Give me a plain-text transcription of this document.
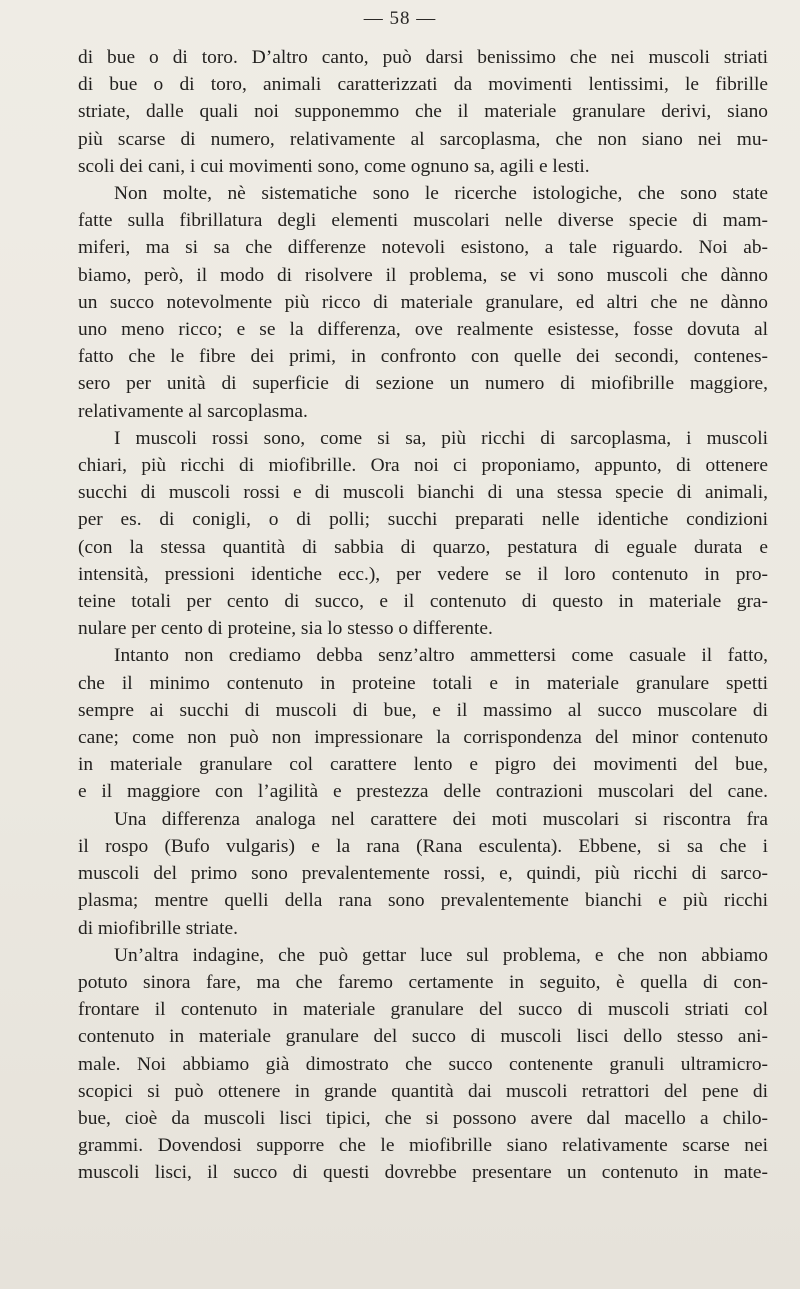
— 58 —
di bue o di toro. D’altro canto, può darsi benissimo che nei muscoli striati
di bue o di toro, animali caratterizzati da movimenti lentissimi, le fibrille
striate, dalle quali noi supponemmo che il materiale granulare derivi, siano
più scarse di numero, relativamente al sarcoplasma, che non siano nei mu-
scoli dei cani, i cui movimenti sono, come ognuno sa, agili e lesti.
Non molte, nè sistematiche sono le ricerche istologiche, che sono state
fatte sulla fibrillatura degli elementi muscolari nelle diverse specie di mam-
miferi, ma si sa che differenze notevoli esistono, a tale riguardo. Noi ab-
biamo, però, il modo di risolvere il problema, se vi sono muscoli che dànno
un succo notevolmente più ricco di materiale granulare, ed altri che ne dànno
uno meno ricco; e se la differenza, ove realmente esistesse, fosse dovuta al
fatto che le fibre dei primi, in confronto con quelle dei secondi, contenes-
sero per unità di superficie di sezione un numero di miofibrille maggiore,
relativamente al sarcoplasma.
I muscoli rossi sono, come si sa, più ricchi di sarcoplasma, i muscoli
chiari, più ricchi di miofibrille. Ora noi ci proponiamo, appunto, di ottenere
succhi di muscoli rossi e di muscoli bianchi di una stessa specie di animali,
per es. di conigli, o di polli; succhi preparati nelle identiche condizioni
(con la stessa quantità di sabbia di quarzo, pestatura di eguale durata e
intensità, pressioni identiche ecc.), per vedere se il loro contenuto in pro-
teine totali per cento di succo, e il contenuto di questo in materiale gra-
nulare per cento di proteine, sia lo stesso o differente.
Intanto non crediamo debba senz’altro ammettersi come casuale il fatto,
che il minimo contenuto in proteine totali e in materiale granulare spetti
sempre ai succhi di muscoli di bue, e il massimo al succo muscolare di
cane; come non può non impressionare la corrispondenza del minor contenuto
in materiale granulare col carattere lento e pigro dei movimenti del bue,
e il maggiore con l’agilità e prestezza delle contrazioni muscolari del cane.
Una differenza analoga nel carattere dei moti muscolari si riscontra fra
il rospo (Bufo vulgaris) e la rana (Rana esculenta). Ebbene, si sa che i
muscoli del primo sono prevalentemente rossi, e, quindi, più ricchi di sarco-
plasma; mentre quelli della rana sono prevalentemente bianchi e più ricchi
di miofibrille striate.
Un’altra indagine, che può gettar luce sul problema, e che non abbiamo
potuto sinora fare, ma che faremo certamente in seguito, è quella di con-
frontare il contenuto in materiale granulare del succo di muscoli striati col
contenuto in materiale granulare del succo di muscoli lisci dello stesso ani-
male. Noi abbiamo già dimostrato che succo contenente granuli ultramicro-
scopici si può ottenere in grande quantità dai muscoli retrattori del pene di
bue, cioè da muscoli lisci tipici, che si possono avere dal macello a chilo-
grammi. Dovendosi supporre che le miofibrille siano relativamente scarse nei
muscoli lisci, il succo di questi dovrebbe presentare un contenuto in mate-
